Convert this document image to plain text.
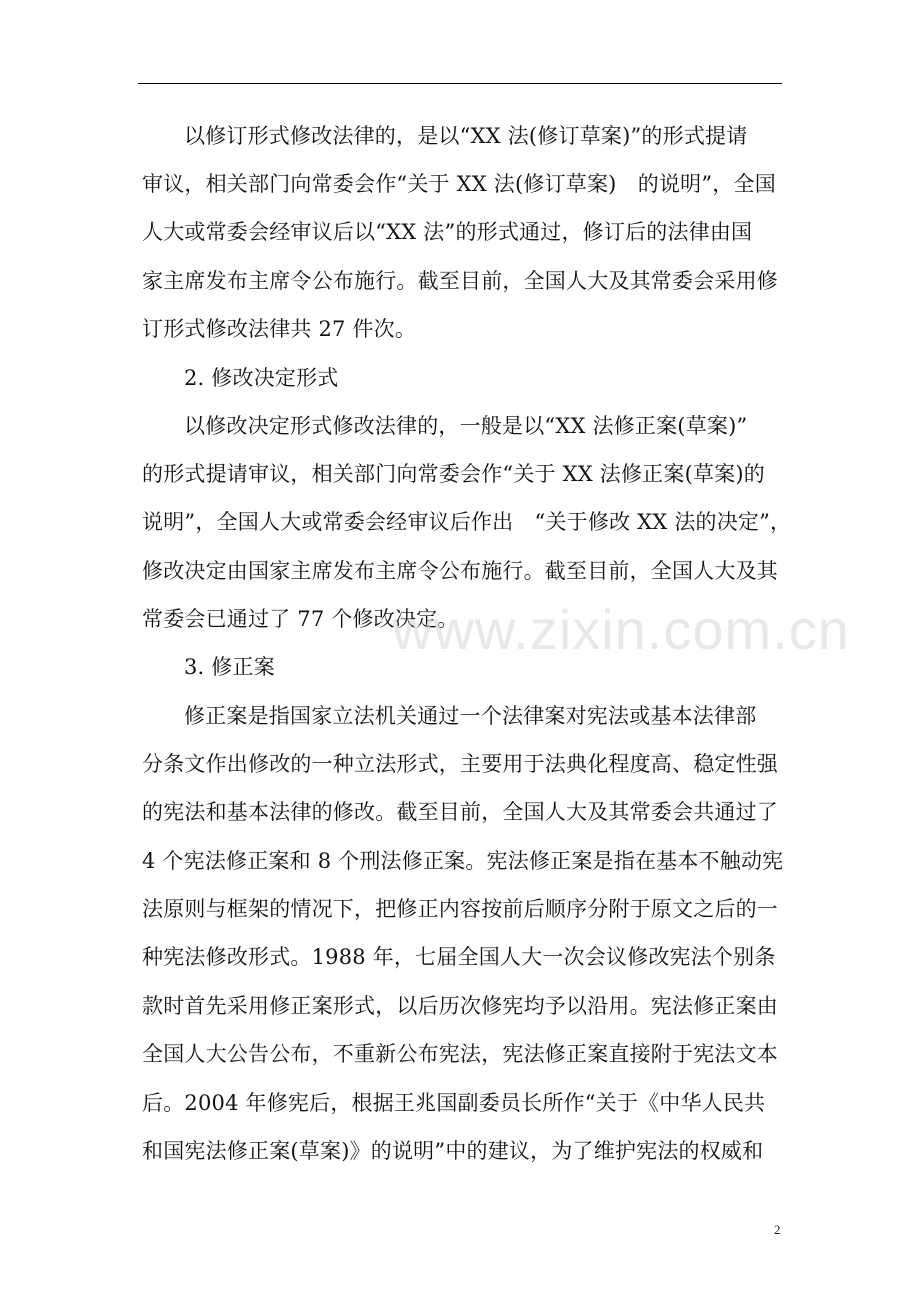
以修订形式修改法律的，是以“XX 法(修订草案)”的形式提请
审议，相关部门向常委会作“关于 XX 法(修订草案)　的说明”，全国
人大或常委会经审议后以“XX 法”的形式通过，修订后的法律由国
家主席发布主席令公布施行。截至目前，全国人大及其常委会采用修
订形式修改法律共 27 件次。
2. 修改决定形式
以修改决定形式修改法律的，一般是以“XX 法修正案(草案)”
的形式提请审议，相关部门向常委会作“关于 XX 法修正案(草案)的
说明”，全国人大或常委会经审议后作出　“关于修改 XX 法的决定”，
修改决定由国家主席发布主席令公布施行。截至目前，全国人大及其
常委会已通过了 77 个修改决定。
3. 修正案
修正案是指国家立法机关通过一个法律案对宪法或基本法律部
分条文作出修改的一种立法形式，主要用于法典化程度高、稳定性强
的宪法和基本法律的修改。截至目前，全国人大及其常委会共通过了
4 个宪法修正案和 8 个刑法修正案。宪法修正案是指在基本不触动宪
法原则与框架的情况下，把修正内容按前后顺序分附于原文之后的一
种宪法修改形式。1988 年，七届全国人大一次会议修改宪法个别条
款时首先采用修正案形式，以后历次修宪均予以沿用。宪法修正案由
全国人大公告公布，不重新公布宪法，宪法修正案直接附于宪法文本
后。2004 年修宪后，根据王兆国副委员长所作“关于《中华人民共
和国宪法修正案(草案)》的说明”中的建议，为了维护宪法的权威和
www.zixin.com.cn
2
